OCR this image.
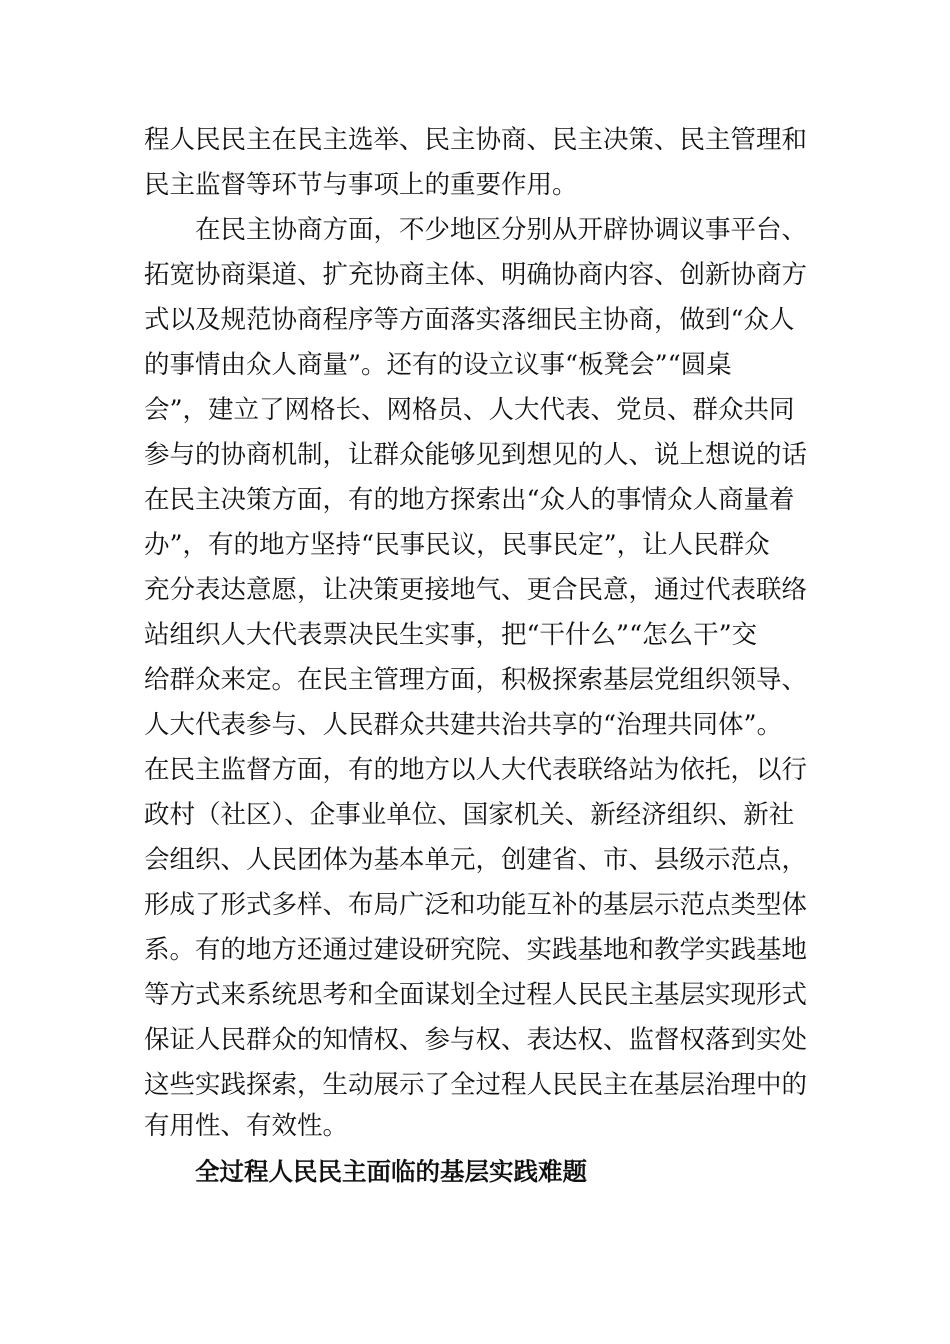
程人民民主在民主选举、民主协商、民主决策、民主管理和
民主监督等环节与事项上的重要作用。
在民主协商方面，不少地区分别从开辟协调议事平台、
拓宽协商渠道、扩充协商主体、明确协商内容、创新协商方
式以及规范协商程序等方面落实落细民主协商，做到“众人
的事情由众人商量”。还有的设立议事“板凳会”“圆桌
会”，建立了网格长、网格员、人大代表、党员、群众共同
参与的协商机制，让群众能够见到想见的人、说上想说的话
在民主决策方面，有的地方探索出“众人的事情众人商量着
办”，有的地方坚持“民事民议，民事民定”，让人民群众
充分表达意愿，让决策更接地气、更合民意，通过代表联络
站组织人大代表票决民生实事，把“干什么”“怎么干”交
给群众来定。在民主管理方面，积极探索基层党组织领导、
人大代表参与、人民群众共建共治共享的“治理共同体”。
在民主监督方面，有的地方以人大代表联络站为依托，以行
政村（社区）、企事业单位、国家机关、新经济组织、新社
会组织、人民团体为基本单元，创建省、市、县级示范点，
形成了形式多样、布局广泛和功能互补的基层示范点类型体
系。有的地方还通过建设研究院、实践基地和教学实践基地
等方式来系统思考和全面谋划全过程人民民主基层实现形式
保证人民群众的知情权、参与权、表达权、监督权落到实处
这些实践探索，生动展示了全过程人民民主在基层治理中的
有用性、有效性。
全过程人民民主面临的基层实践难题
